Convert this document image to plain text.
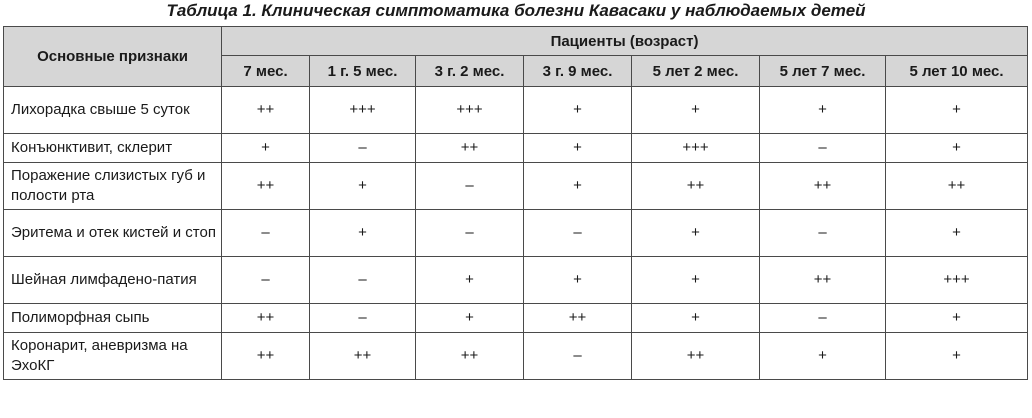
Таблица 1. Клиническая симптоматика болезни Кавасаки у наблюдаемых детей
Основные признаки	Пациенты (возраст)						
	7 мес.	1 г. 5 мес.	3 г. 2 мес.	3 г. 9 мес.	5 лет 2 мес.	5 лет 7 мес.	5 лет 10 мес.
Лихорадка свыше 5 суток	++	+++	+++	+	+	+	+
Конъюнктивит, склерит	+	–	++	+	+++	–	+
Поражение слизистых губ и полости рта	++	+	–	+	++	++	++
Эритема и отек кистей и стоп	–	+	–	–	+	–	+
Шейная лимфадено-патия	–	–	+	+	+	++	+++
Полиморфная сыпь	++	–	+	++	+	–	+
Коронарит, аневризма на ЭхоКГ	++	++	++	–	++	+	+
